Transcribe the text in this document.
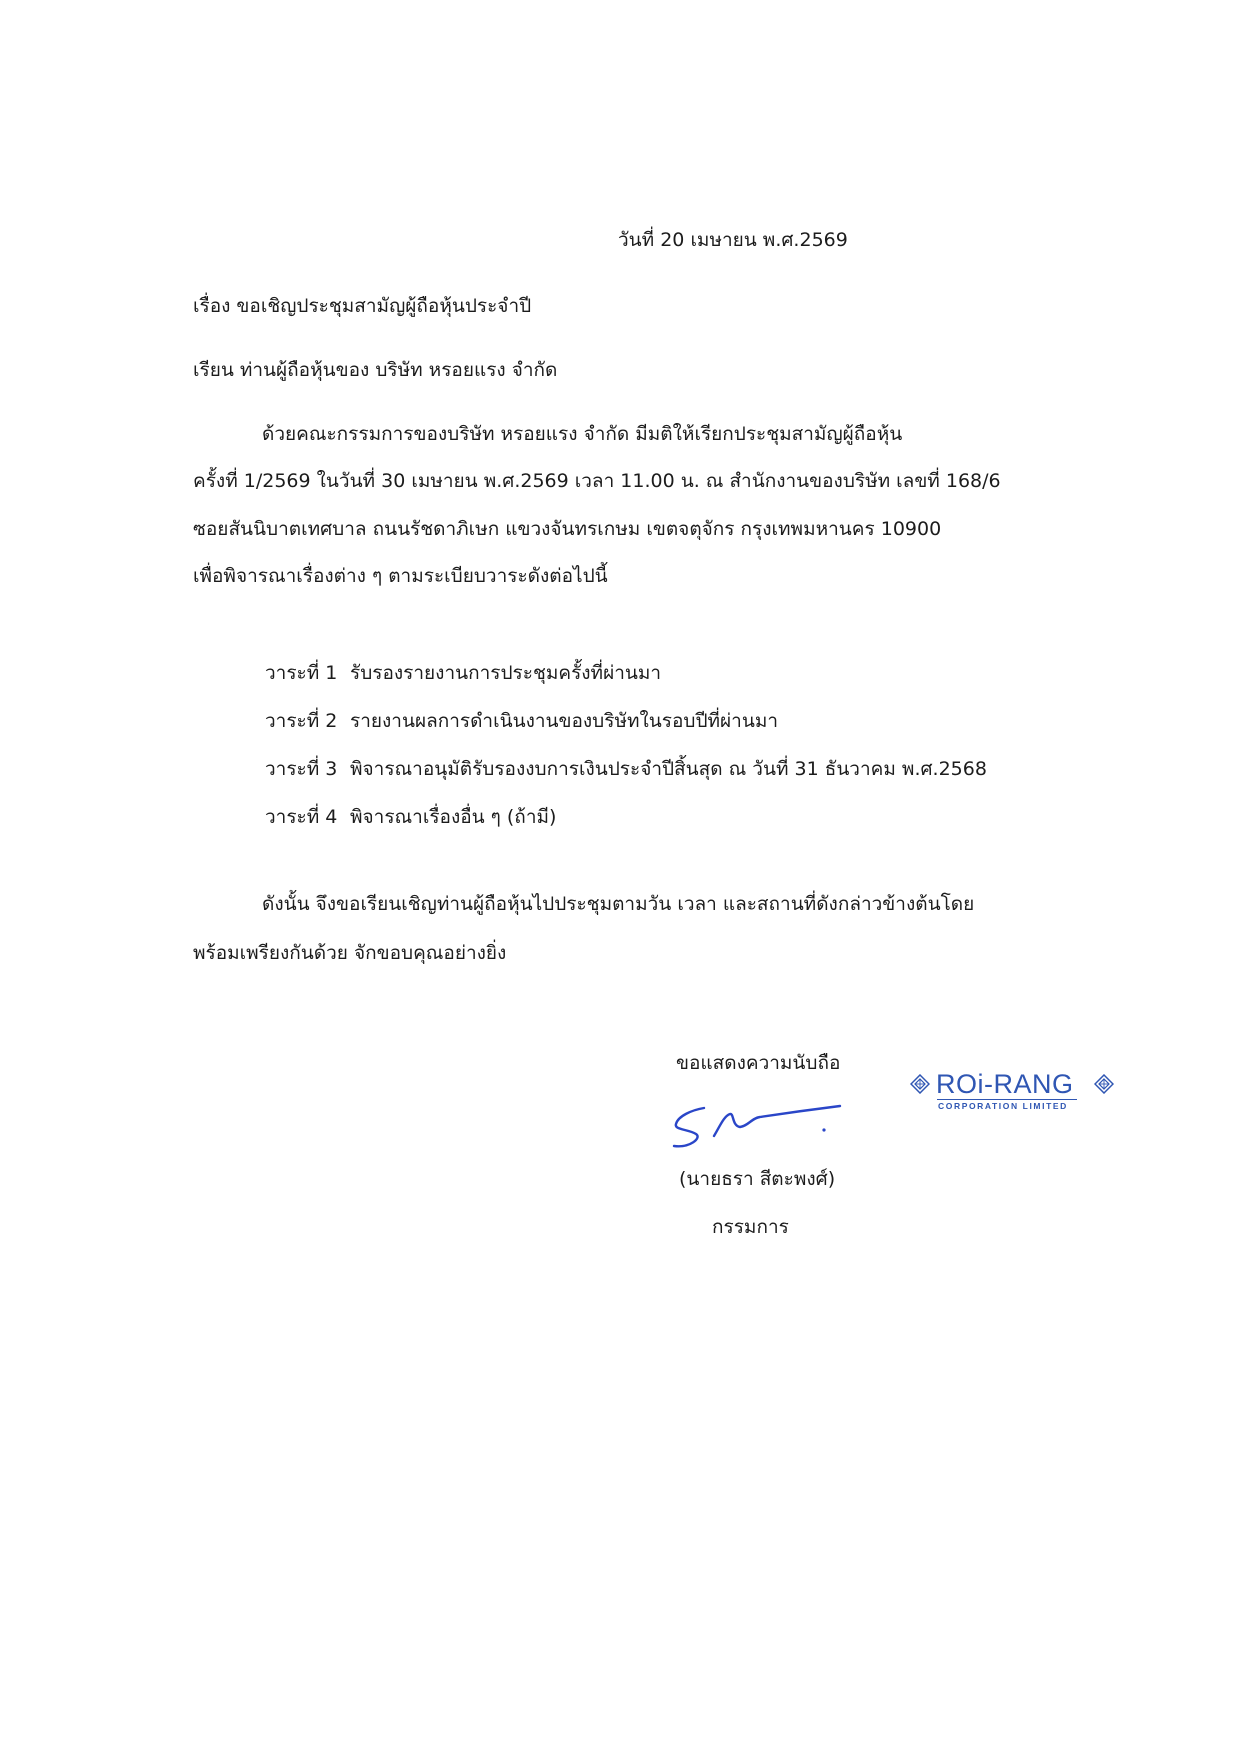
วันที่ 20 เมษายน พ.ศ.2569
เรื่อง ขอเชิญประชุมสามัญผู้ถือหุ้นประจำปี
เรียน ท่านผู้ถือหุ้นของ บริษัท หรอยแรง จำกัด
ด้วยคณะกรรมการของบริษัท หรอยแรง จำกัด มีมติให้เรียกประชุมสามัญผู้ถือหุ้น
ครั้งที่ 1/2569 ในวันที่ 30 เมษายน พ.ศ.2569 เวลา 11.00 น. ณ สำนักงานของบริษัท เลขที่ 168/6
ซอยสันนิบาตเทศบาล ถนนรัชดาภิเษก แขวงจันทรเกษม เขตจตุจักร กรุงเทพมหานคร 10900
เพื่อพิจารณาเรื่องต่าง ๆ ตามระเบียบวาระดังต่อไปนี้
วาระที่ 1 รับรองรายงานการประชุมครั้งที่ผ่านมา
วาระที่ 2 รายงานผลการดำเนินงานของบริษัทในรอบปีที่ผ่านมา
วาระที่ 3 พิจารณาอนุมัติรับรองงบการเงินประจำปีสิ้นสุด ณ วันที่ 31 ธันวาคม พ.ศ.2568
วาระที่ 4 พิจารณาเรื่องอื่น ๆ (ถ้ามี)
ดังนั้น จึงขอเรียนเชิญท่านผู้ถือหุ้นไปประชุมตามวัน เวลา และสถานที่ดังกล่าวข้างต้นโดย
พร้อมเพรียงกันด้วย จักขอบคุณอย่างยิ่ง
ขอแสดงความนับถือ
ROi-RANG
CORPORATION LIMITED
(นายธรา สีตะพงศ์)
กรรมการ
